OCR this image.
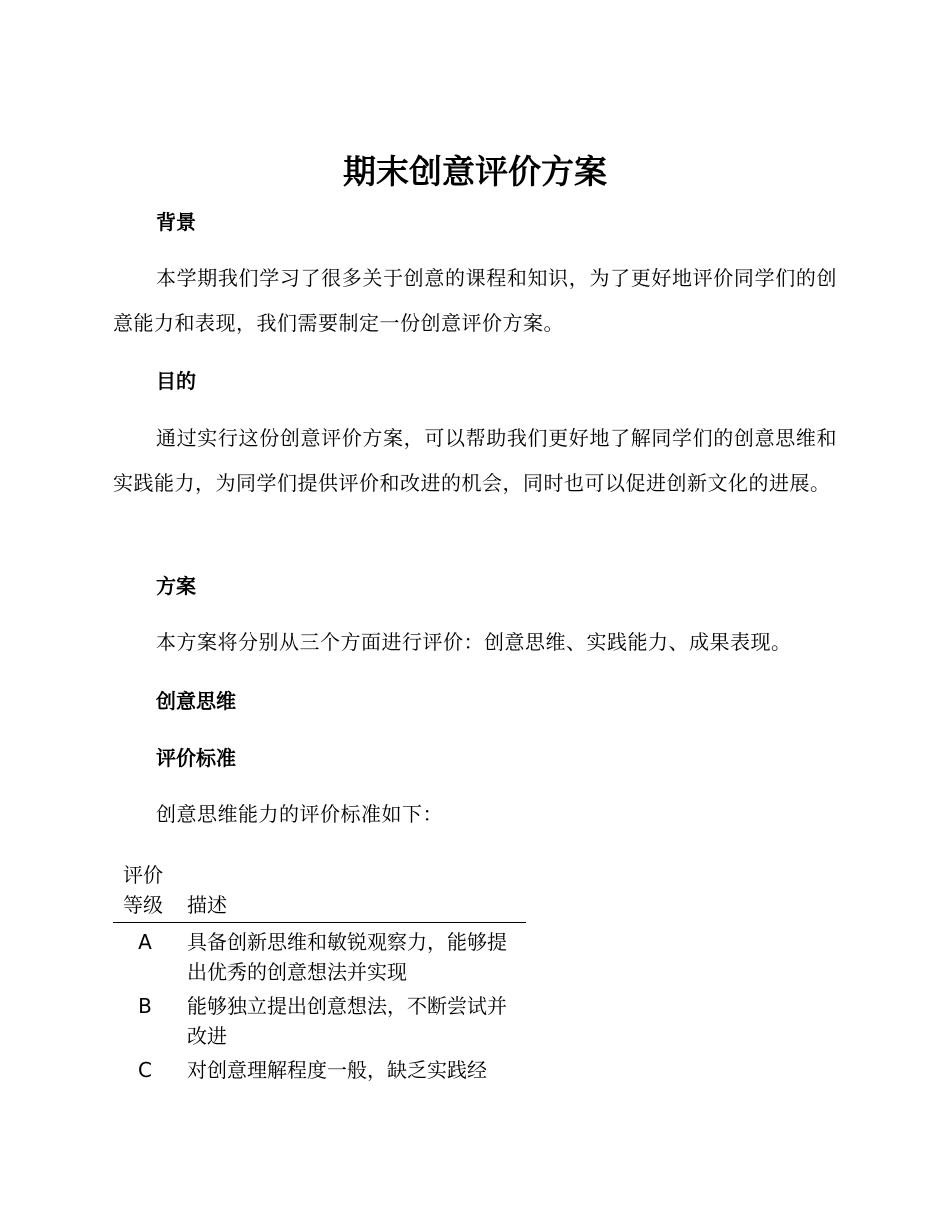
期末创意评价方案
背景

本学期我们学习了很多关于创意的课程和知识，为了更好地评价同学们的创意能力和表现，我们需要制定一份创意评价方案。

目的

通过实行这份创意评价方案，可以帮助我们更好地了解同学们的创意思维和实践能力，为同学们提供评价和改进的机会，同时也可以促进创新文化的进展。

方案

本方案将分别从三个方面进行评价：创意思维、实践能力、成果表现。

创意思维
评价标准

创意思维能力的评价标准如下：

评价等级	描述
A	具备创新思维和敏锐观察力，能够提出优秀的创意想法并实现
B	能够独立提出创意想法，不断尝试并改进
C	对创意理解程度一般，缺乏实践经
